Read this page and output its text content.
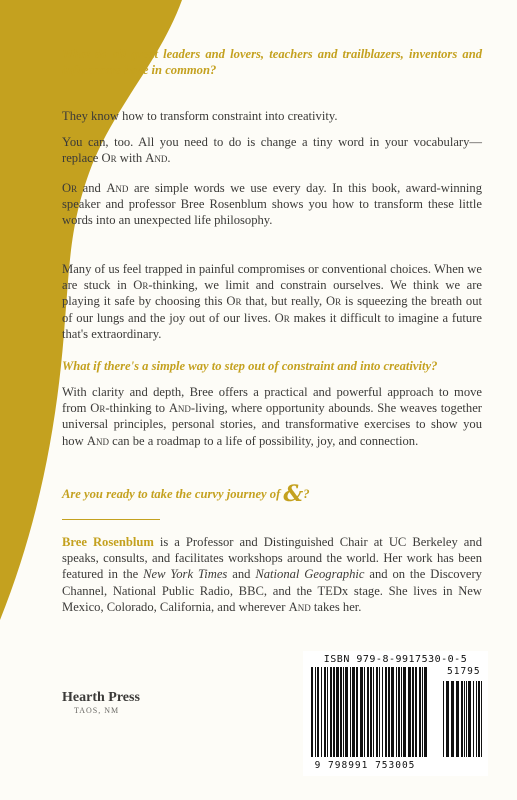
What do all great leaders and lovers, teachers and trailblazers, inventors and influencers have in common?

They know how to transform constraint into creativity.

You can, too. All you need to do is change a tiny word in your vocabulary—replace Or with And.

Or and And are simple words we use every day. In this book, award-winning speaker and professor Bree Rosenblum shows you how to transform these little words into an unexpected life philosophy.

Many of us feel trapped in painful compromises or conventional choices. When we are stuck in Or-thinking, we limit and constrain ourselves. We think we are playing it safe by choosing this Or that, but really, Or is squeezing the breath out of our lungs and the joy out of our lives. Or makes it difficult to imagine a future that's extraordinary.

What if there's a simple way to step out of constraint and into creativity?

With clarity and depth, Bree offers a practical and powerful approach to move from Or-thinking to And-living, where opportunity abounds. She weaves together universal principles, personal stories, and transformative exercises to show you how And can be a roadmap to a life of possibility, joy, and connection.

Are you ready to take the curvy journey of &?

Bree Rosenblum is a Professor and Distinguished Chair at UC Berkeley and speaks, consults, and facilitates workshops around the world. Her work has been featured in the New York Times and National Geographic and on the Discovery Channel, National Public Radio, BBC, and the TEDx stage. She lives in New Mexico, Colorado, California, and wherever And takes her.

Hearth Press
TAOS, NM
ISBN 979-8-9917530-0-5
51795
9 798991 753005
